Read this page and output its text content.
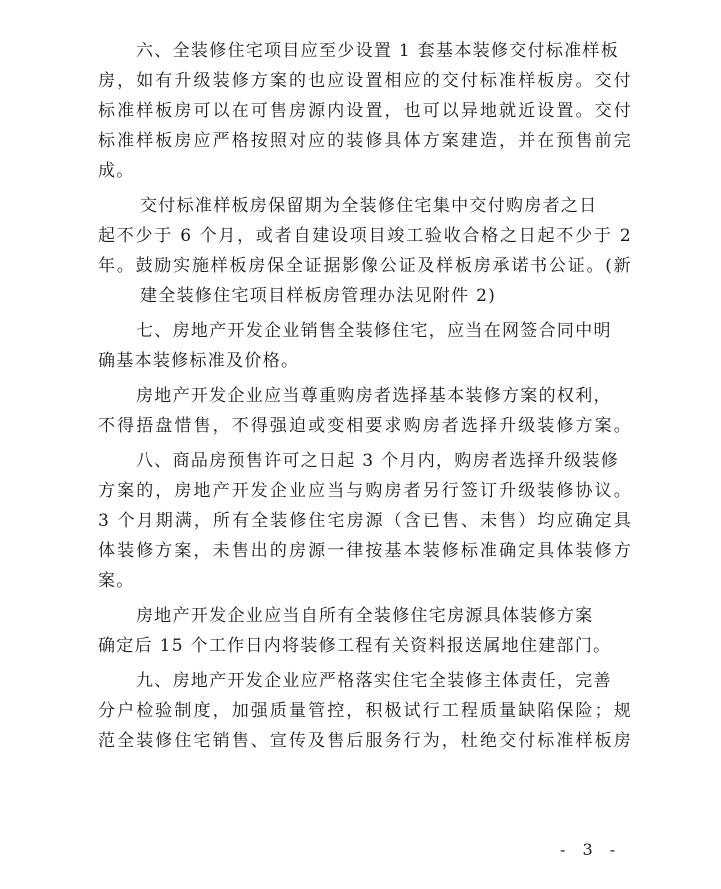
六、全装修住宅项目应至少设置 1 套基本装修交付标准样板
房，如有升级装修方案的也应设置相应的交付标准样板房。交付
标准样板房可以在可售房源内设置，也可以异地就近设置。交付
标准样板房应严格按照对应的装修具体方案建造，并在预售前完
成。

交付标准样板房保留期为全装修住宅集中交付购房者之日
起不少于 6 个月，或者自建设项目竣工验收合格之日起不少于 2
年。鼓励实施样板房保全证据影像公证及样板房承诺书公证。(新
建全装修住宅项目样板房管理办法见附件 2)

七、房地产开发企业销售全装修住宅，应当在网签合同中明
确基本装修标准及价格。

房地产开发企业应当尊重购房者选择基本装修方案的权利，
不得捂盘惜售，不得强迫或变相要求购房者选择升级装修方案。

八、商品房预售许可之日起 3 个月内，购房者选择升级装修
方案的，房地产开发企业应当与购房者另行签订升级装修协议。
3 个月期满，所有全装修住宅房源（含已售、未售）均应确定具
体装修方案，未售出的房源一律按基本装修标准确定具体装修方
案。

房地产开发企业应当自所有全装修住宅房源具体装修方案
确定后 15 个工作日内将装修工程有关资料报送属地住建部门。

九、房地产开发企业应严格落实住宅全装修主体责任，完善
分户检验制度，加强质量管控，积极试行工程质量缺陷保险；规
范全装修住宅销售、宣传及售后服务行为，杜绝交付标准样板房

- 3 -
